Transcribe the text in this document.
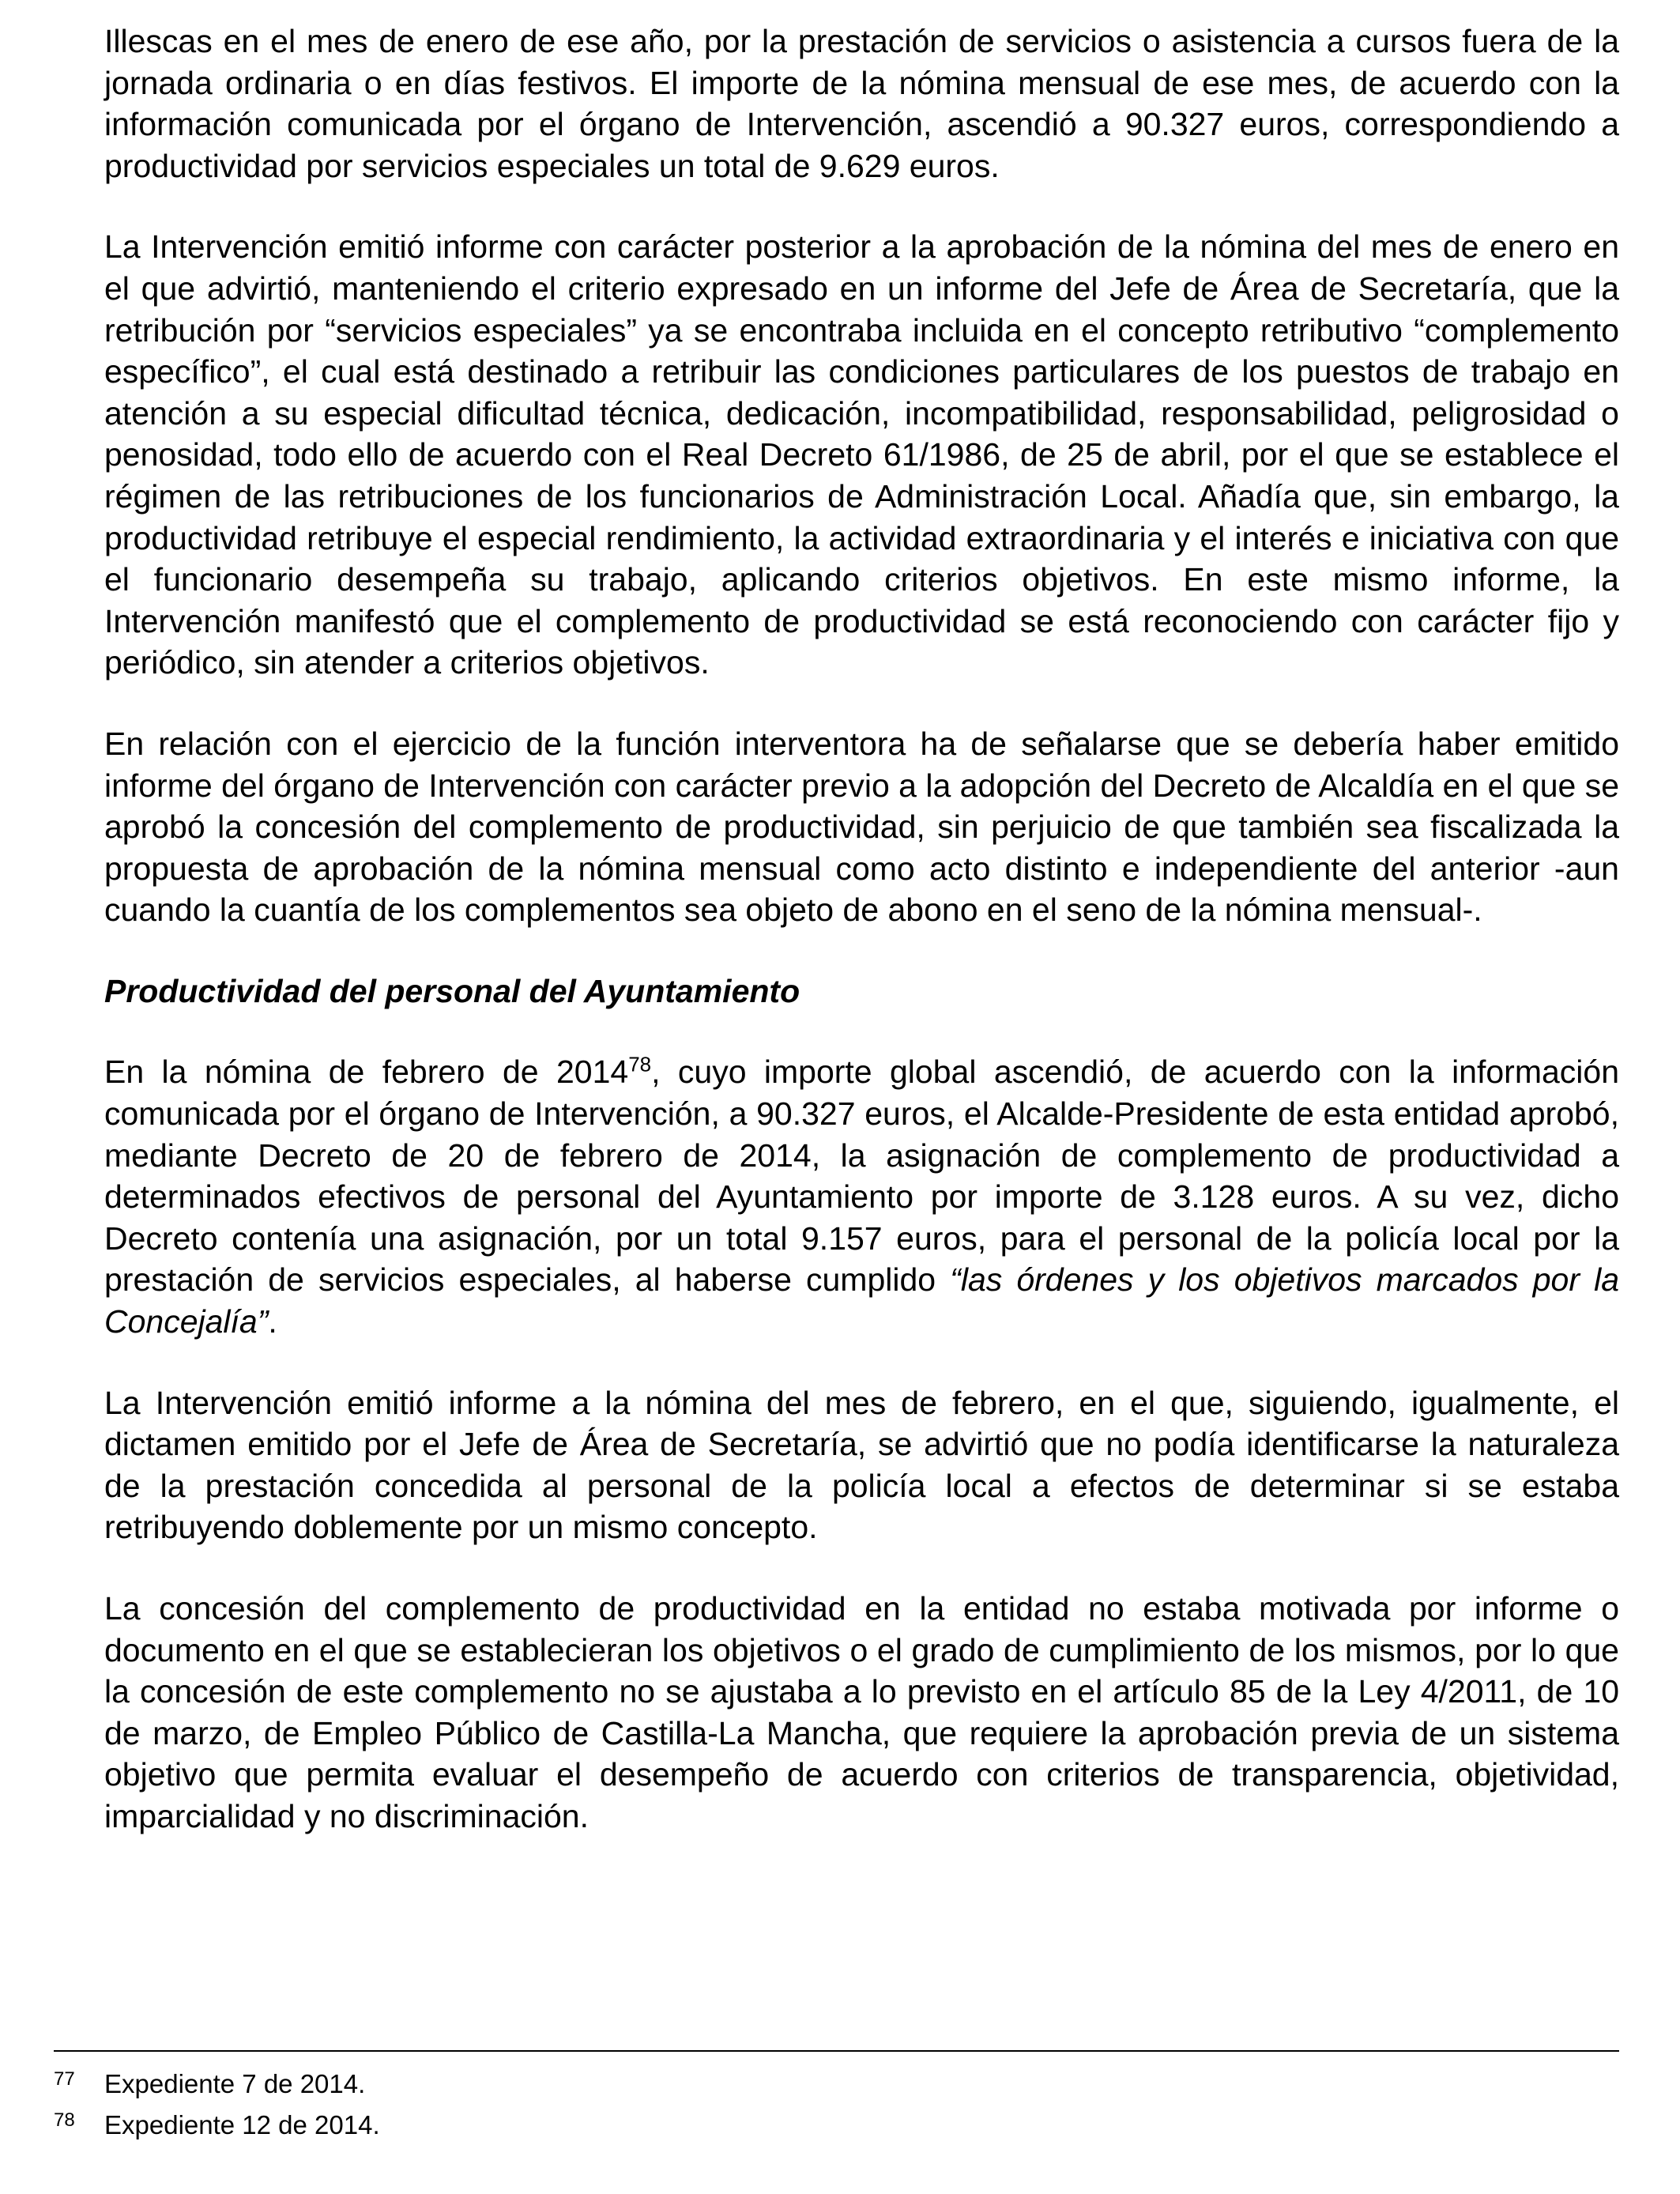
Illescas en el mes de enero de ese año, por la prestación de servicios o asistencia a cursos fuera de la jornada ordinaria o en días festivos. El importe de la nómina mensual de ese mes, de acuerdo con la información comunicada por el órgano de Intervención, ascendió a 90.327 euros, correspondiendo a productividad por servicios especiales un total de 9.629 euros.

La Intervención emitió informe con carácter posterior a la aprobación de la nómina del mes de enero en el que advirtió, manteniendo el criterio expresado en un informe del Jefe de Área de Secretaría, que la retribución por “servicios especiales” ya se encontraba incluida en el concepto retributivo “complemento específico”, el cual está destinado a retribuir las condiciones particulares de los puestos de trabajo en atención a su especial dificultad técnica, dedicación, incompatibilidad, responsabilidad, peligrosidad o penosidad, todo ello de acuerdo con el Real Decreto 61/1986, de 25 de abril, por el que se establece el régimen de las retribuciones de los funcionarios de Administración Local. Añadía que, sin embargo, la productividad retribuye el especial rendimiento, la actividad extraordinaria y el interés e iniciativa con que el funcionario desempeña su trabajo, aplicando criterios objetivos. En este mismo informe, la Intervención manifestó que el complemento de productividad se está reconociendo con carácter fijo y periódico, sin atender a criterios objetivos.

En relación con el ejercicio de la función interventora ha de señalarse que se debería haber emitido informe del órgano de Intervención con carácter previo a la adopción del Decreto de Alcaldía en el que se aprobó la concesión del complemento de productividad, sin perjuicio de que también sea fiscalizada la propuesta de aprobación de la nómina mensual como acto distinto e independiente del anterior -aun cuando la cuantía de los complementos sea objeto de abono en el seno de la nómina mensual-.

Productividad del personal del Ayuntamiento

En la nómina de febrero de 2014$^{78}$, cuyo importe global ascendió, de acuerdo con la información comunicada por el órgano de Intervención, a 90.327 euros, el Alcalde-Presidente de esta entidad aprobó, mediante Decreto de 20 de febrero de 2014, la asignación de complemento de productividad a determinados efectivos de personal del Ayuntamiento por importe de 3.128 euros. A su vez, dicho Decreto contenía una asignación, por un total 9.157 euros, para el personal de la policía local por la prestación de servicios especiales, al haberse cumplido “las órdenes y los objetivos marcados por la Concejalía”.

La Intervención emitió informe a la nómina del mes de febrero, en el que, siguiendo, igualmente, el dictamen emitido por el Jefe de Área de Secretaría, se advirtió que no podía identificarse la naturaleza de la prestación concedida al personal de la policía local a efectos de determinar si se estaba retribuyendo doblemente por un mismo concepto.

La concesión del complemento de productividad en la entidad no estaba motivada por informe o documento en el que se establecieran los objetivos o el grado de cumplimiento de los mismos, por lo que la concesión de este complemento no se ajustaba a lo previsto en el artículo 85 de la Ley 4/2011, de 10 de marzo, de Empleo Público de Castilla-La Mancha, que requiere la aprobación previa de un sistema objetivo que permita evaluar el desempeño de acuerdo con criterios de transparencia, objetividad, imparcialidad y no discriminación.

77 Expediente 7 de 2014.
78 Expediente 12 de 2014.
